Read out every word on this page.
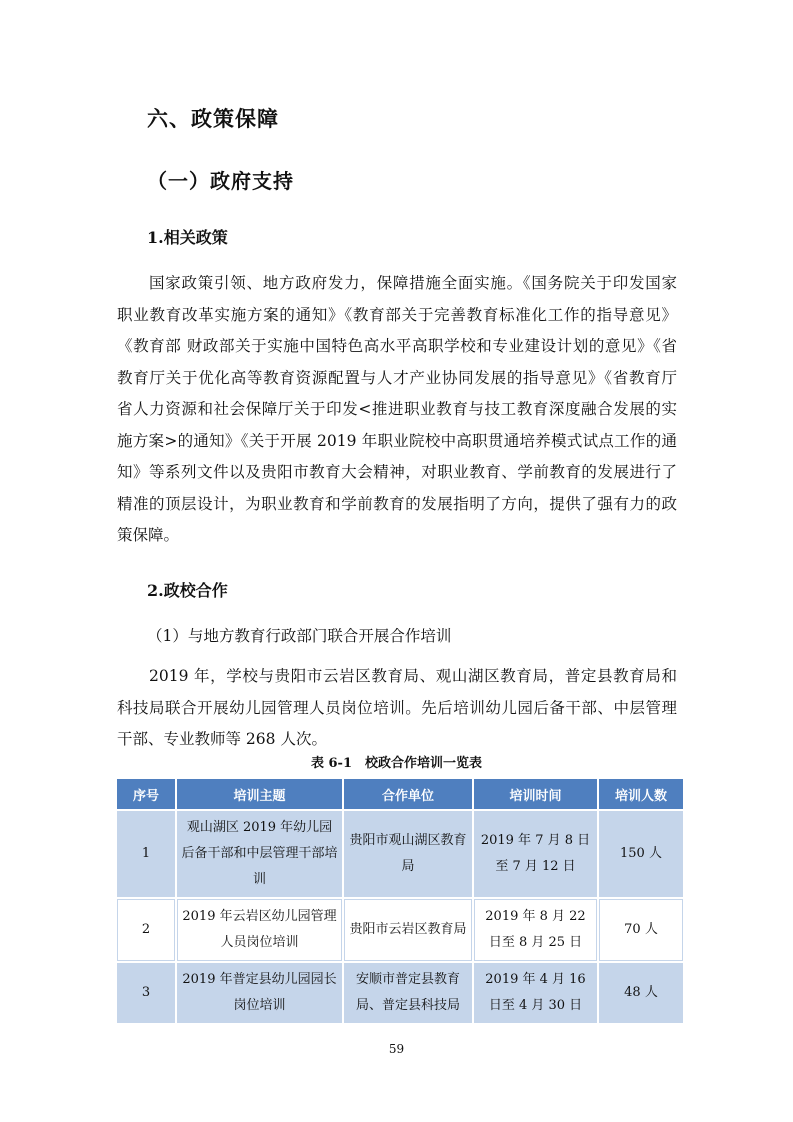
六、政策保障
（一）政府支持
1.相关政策
国家政策引领、地方政府发力，保障措施全面实施。《国务院关于印发国家
职业教育改革实施方案的通知》《教育部关于完善教育标准化工作的指导意见》
《教育部 财政部关于实施中国特色高水平高职学校和专业建设计划的意见》《省
教育厅关于优化高等教育资源配置与人才产业协同发展的指导意见》《省教育厅
省人力资源和社会保障厅关于印发<推进职业教育与技工教育深度融合发展的实
施方案>的通知》《关于开展 2019 年职业院校中高职贯通培养模式试点工作的通
知》等系列文件以及贵阳市教育大会精神，对职业教育、学前教育的发展进行了
精准的顶层设计，为职业教育和学前教育的发展指明了方向，提供了强有力的政
策保障。
2.政校合作
（1）与地方教育行政部门联合开展合作培训
2019 年，学校与贵阳市云岩区教育局、观山湖区教育局，普定县教育局和
科技局联合开展幼儿园管理人员岗位培训。先后培训幼儿园后备干部、中层管理
干部、专业教师等 268 人次。
表 6-1　校政合作培训一览表
序号	培训主题	合作单位	培训时间	培训人数
1	观山湖区 2019 年幼儿园后备干部和中层管理干部培训	贵阳市观山湖区教育局	2019 年 7 月 8 日至 7 月 12 日	150 人
2	2019 年云岩区幼儿园管理人员岗位培训	贵阳市云岩区教育局	2019 年 8 月 22 日至 8 月 25 日	70 人
3	2019 年普定县幼儿园园长岗位培训	安顺市普定县教育局、普定县科技局	2019 年 4 月 16 日至 4 月 30 日	48 人
59
